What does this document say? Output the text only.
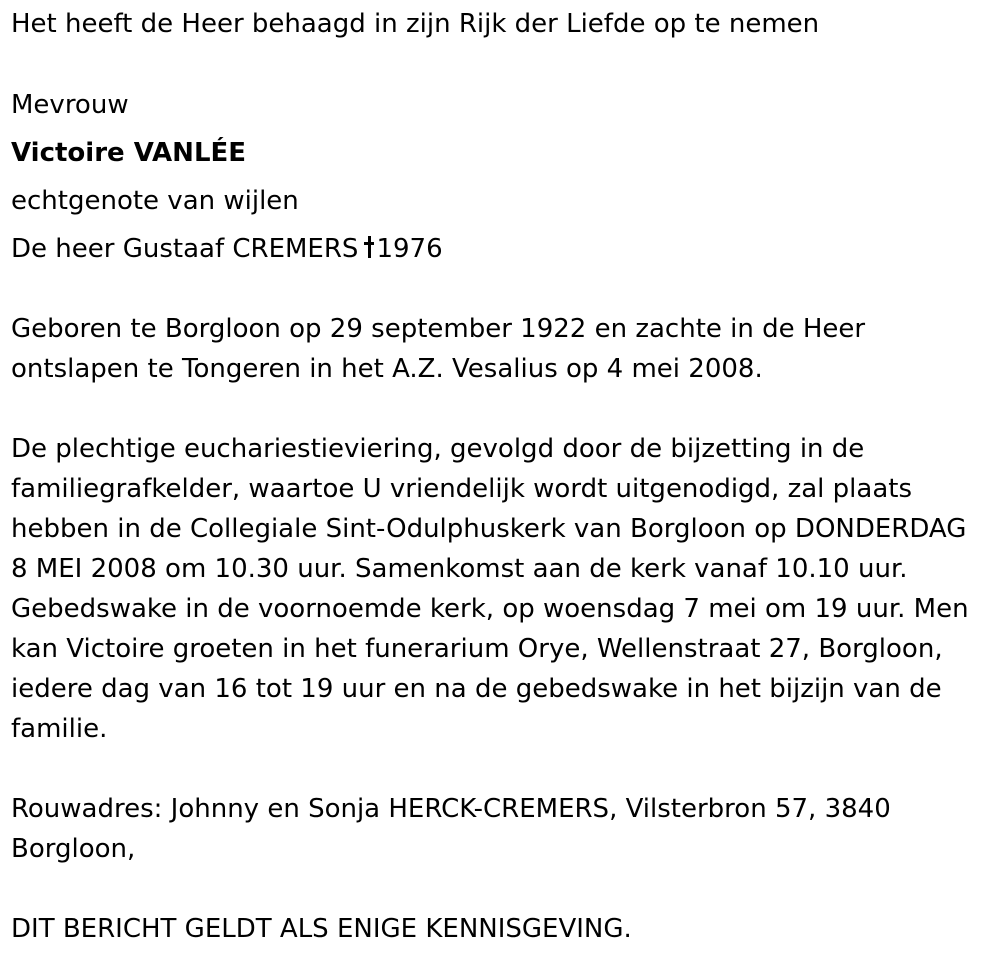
Het heeft de Heer behaagd in zijn Rijk der Liefde op te nemen
Mevrouw
Victoire VANLÉE
echtgenote van wijlen
De heer Gustaaf CREMERS 1976
Geboren te Borgloon op 29 september 1922 en zachte in de Heer
ontslapen te Tongeren in het A.Z. Vesalius op 4 mei 2008.
De plechtige euchariestieviering, gevolgd door de bijzetting in de
familiegrafkelder, waartoe U vriendelijk wordt uitgenodigd, zal plaats
hebben in de Collegiale Sint-Odulphuskerk van Borgloon op DONDERDAG
8 MEI 2008 om 10.30 uur. Samenkomst aan de kerk vanaf 10.10 uur.
Gebedswake in de voornoemde kerk, op woensdag 7 mei om 19 uur. Men
kan Victoire groeten in het funerarium Orye, Wellenstraat 27, Borgloon,
iedere dag van 16 tot 19 uur en na de gebedswake in het bijzijn van de
familie.
Rouwadres: Johnny en Sonja HERCK-CREMERS, Vilsterbron 57, 3840
Borgloon,
DIT BERICHT GELDT ALS ENIGE KENNISGEVING.
